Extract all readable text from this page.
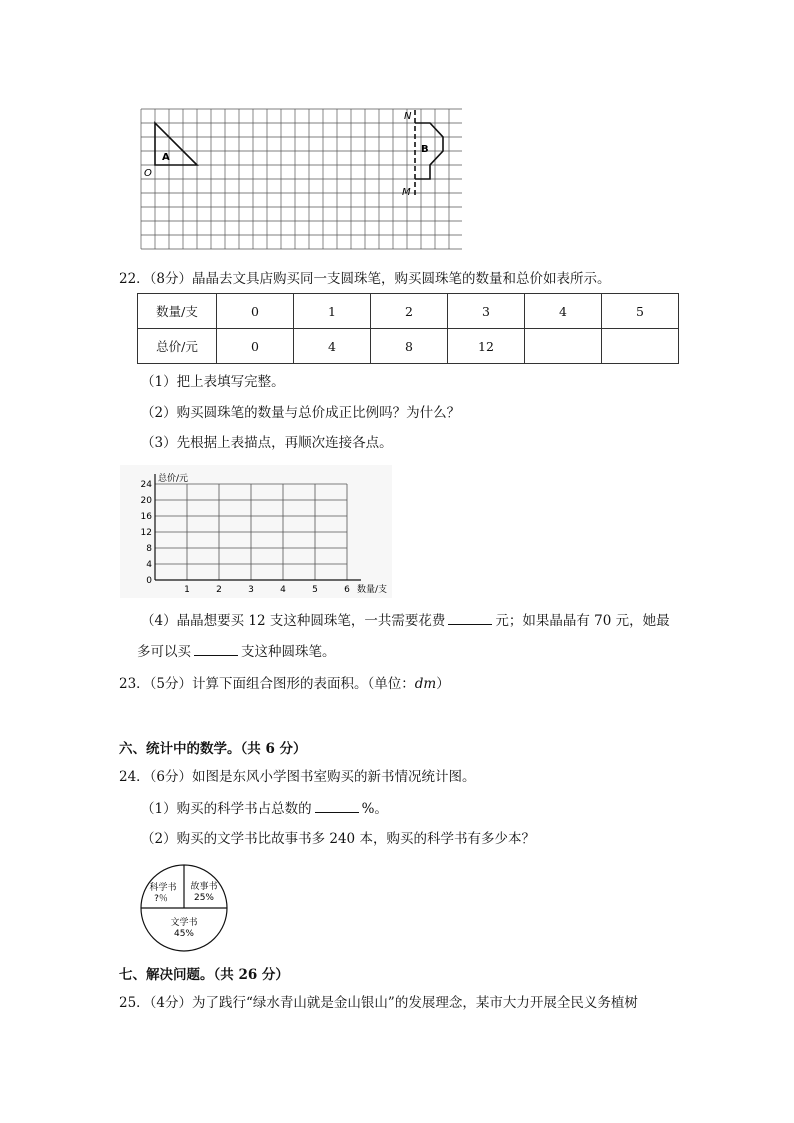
A
O
B
N
M
22．（8分）晶晶去文具店购买同一支圆珠笔，购买圆珠笔的数量和总价如表所示。
数量/支	0	1	2	3	4	5
总价/元	0	4	8	12		
（1）把上表填写完整。
（2）购买圆珠笔的数量与总价成正比例吗？为什么？
（3）先根据上表描点，再顺次连接各点。
0
4
8
12
16
20
24
1	2	3	4	5	6
总价/元
数量/支
（4）晶晶想要买 12 支这种圆珠笔，一共需要花费	元；如果晶晶有 70 元，她最
多可以买	支这种圆珠笔。
23．（5分）计算下面组合图形的表面积。（单位：dm）
六、统计中的数学。（共 6 分）
24．（6分）如图是东风小学图书室购买的新书情况统计图。
（1）购买的科学书占总数的	%。
（2）购买的文学书比故事书多 240 本，购买的科学书有多少本？
科学书
?％
故事书
25%
文学书
45%
七、解决问题。（共 26 分）
25．（4分）为了践行“绿水青山就是金山银山”的发展理念，某市大力开展全民义务植树
